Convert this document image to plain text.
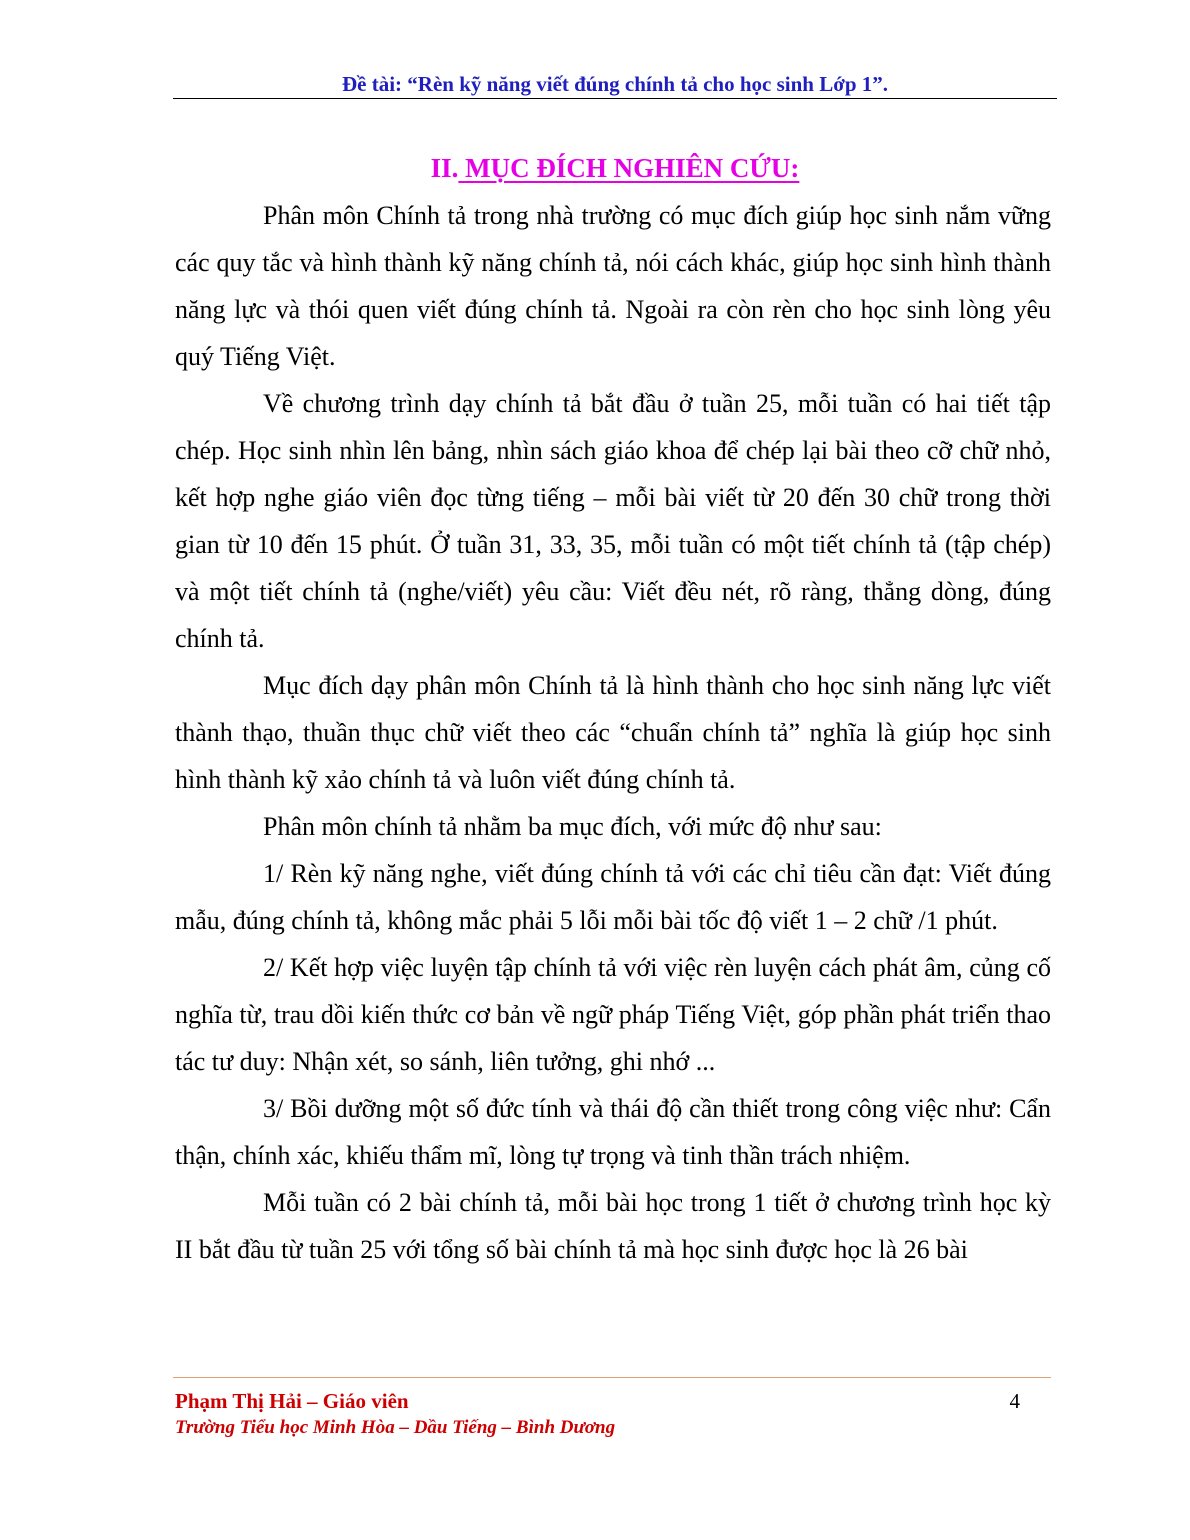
Đề tài: “Rèn kỹ năng viết đúng chính tả cho học sinh Lớp 1”.
II. MỤC ĐÍCH NGHIÊN CỨU:

Phân môn Chính tả trong nhà trường có mục đích giúp học sinh nắm vững các quy tắc và hình thành kỹ năng chính tả, nói cách khác, giúp học sinh hình thành năng lực và thói quen viết đúng chính tả. Ngoài ra còn rèn cho học sinh lòng yêu quý Tiếng Việt.

Về chương trình dạy chính tả bắt đầu ở tuần 25, mỗi tuần có hai tiết tập chép. Học sinh nhìn lên bảng, nhìn sách giáo khoa để chép lại bài theo cỡ chữ nhỏ, kết hợp nghe giáo viên đọc từng tiếng – mỗi bài viết từ 20 đến 30 chữ trong thời gian từ 10 đến 15 phút. Ở tuần 31, 33, 35, mỗi tuần có một tiết chính tả (tập chép) và một tiết chính tả (nghe/viết) yêu cầu: Viết đều nét, rõ ràng, thẳng dòng, đúng chính tả.

Mục đích dạy phân môn Chính tả là hình thành cho học sinh năng lực viết thành thạo, thuần thục chữ viết theo các “chuẩn chính tả” nghĩa là giúp học sinh hình thành kỹ xảo chính tả và luôn viết đúng chính tả.

Phân môn chính tả nhằm ba mục đích, với mức độ như sau:

1/ Rèn kỹ năng nghe, viết đúng chính tả với các chỉ tiêu cần đạt: Viết đúng mẫu, đúng chính tả, không mắc phải 5 lỗi mỗi bài tốc độ viết 1 – 2 chữ /1 phút.

2/ Kết hợp việc luyện tập chính tả với việc rèn luyện cách phát âm, củng cố nghĩa từ, trau dồi kiến thức cơ bản về ngữ pháp Tiếng Việt, góp phần phát triển thao tác tư duy: Nhận xét, so sánh, liên tưởng, ghi nhớ ...

3/ Bồi dưỡng một số đức tính và thái độ cần thiết trong công việc như: Cẩn thận, chính xác, khiếu thẩm mĩ, lòng tự trọng và tinh thần trách nhiệm.

Mỗi tuần có 2 bài chính tả, mỗi bài học trong 1 tiết ở chương trình học kỳ II bắt đầu từ tuần 25 với tổng số bài chính tả mà học sinh được học là 26 bài

Phạm Thị Hải – Giáo viên
Trường Tiểu học Minh Hòa – Dầu Tiếng – Bình Dương
4
